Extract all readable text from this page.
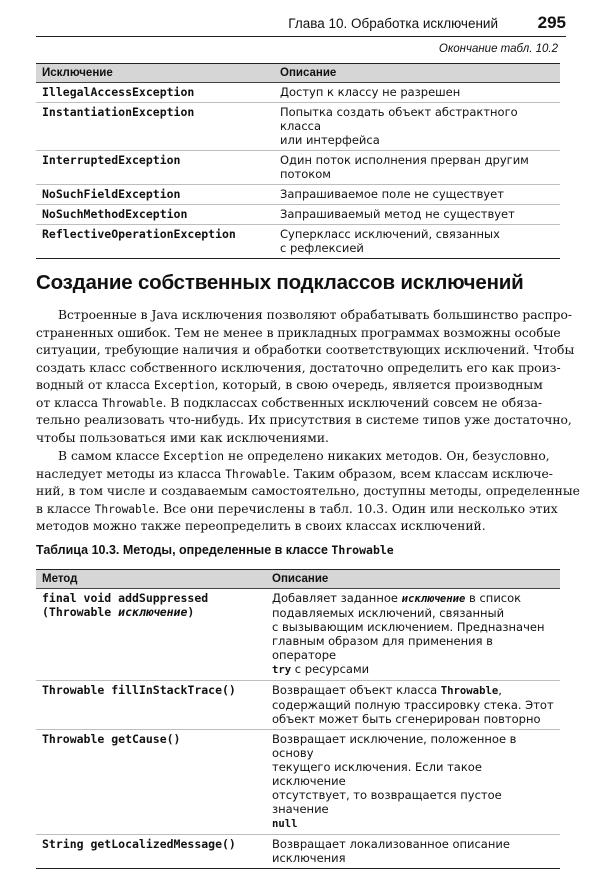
Глава 10. Обработка исключений 295
Окончание табл. 10.2
Исключение	Описание
IllegalAccessException	Доступ к классу не разрешен
InstantiationException	Попытка создать объект абстрактного класса
или интерфейса
InterruptedException	Один поток исполнения прерван другим
потоком
NoSuchFieldException	Запрашиваемое поле не существует
NoSuchMethodException	Запрашиваемый метод не существует
ReflectiveOperationException	Суперкласс исключений, связанных
с рефлексией
Создание собственных подклассов исключений
Встроенные в Java исключения позволяют обрабатывать большинство распро-
страненных ошибок. Тем не менее в прикладных программах возможны особые
ситуации, требующие наличия и обработки соответствующих исключений. Чтобы
создать класс собственного исключения, достаточно определить его как произ-
водный от класса Exception, который, в свою очередь, является производным
от класса Throwable. В подклассах собственных исключений совсем не обяза-
тельно реализовать что-нибудь. Их присутствия в системе типов уже достаточно,
чтобы пользоваться ими как исключениями.
В самом классе Exception не определено никаких методов. Он, безусловно,
наследует методы из класса Throwable. Таким образом, всем классам исключе-
ний, в том числе и создаваемым самостоятельно, доступны методы, определенные
в классе Throwable. Все они перечислены в табл. 10.3. Один или несколько этих
методов можно также переопределить в своих классах исключений.
Таблица 10.3. Методы, определенные в классе Throwable
Метод	Описание
final void addSuppressed
(Throwable исключение)	Добавляет заданное исключение в список
подавляемых исключений, связанный
с вызывающим исключением. Предназначен
главным образом для применения в операторе
try с ресурсами
Throwable fillInStackTrace()	Возвращает объект класса Throwable,
содержащий полную трассировку стека. Этот
объект может быть сгенерирован повторно
Throwable getCause()	Возвращает исключение, положенное в основу
текущего исключения. Если такое исключение
отсутствует, то возвращается пустое значение
null
String getLocalizedMessage()	Возвращает локализованное описание
исключения
